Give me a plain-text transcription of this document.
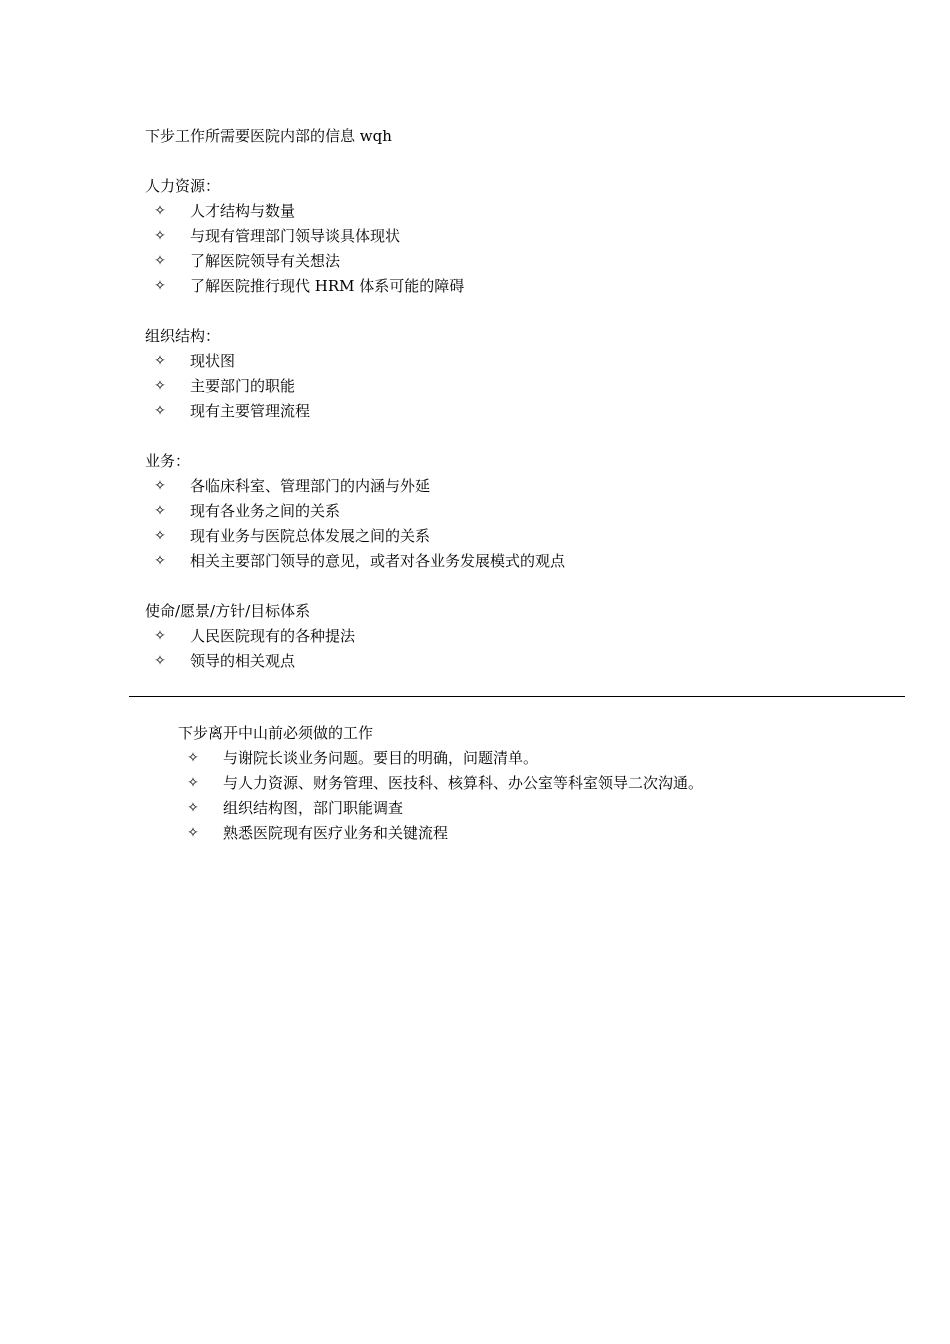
下步工作所需要医院内部的信息 wqh
人力资源：
✧ 人才结构与数量
✧ 与现有管理部门领导谈具体现状
✧ 了解医院领导有关想法
✧ 了解医院推行现代 HRM 体系可能的障碍
组织结构：
✧ 现状图
✧ 主要部门的职能
✧ 现有主要管理流程
业务：
✧ 各临床科室、管理部门的内涵与外延
✧ 现有各业务之间的关系
✧ 现有业务与医院总体发展之间的关系
✧ 相关主要部门领导的意见，或者对各业务发展模式的观点
使命/愿景/方针/目标体系
✧ 人民医院现有的各种提法
✧ 领导的相关观点
下步离开中山前必须做的工作
✧ 与谢院长谈业务问题。要目的明确，问题清单。
✧ 与人力资源、财务管理、医技科、核算科、办公室等科室领导二次沟通。
✧ 组织结构图，部门职能调查
✧ 熟悉医院现有医疗业务和关键流程
